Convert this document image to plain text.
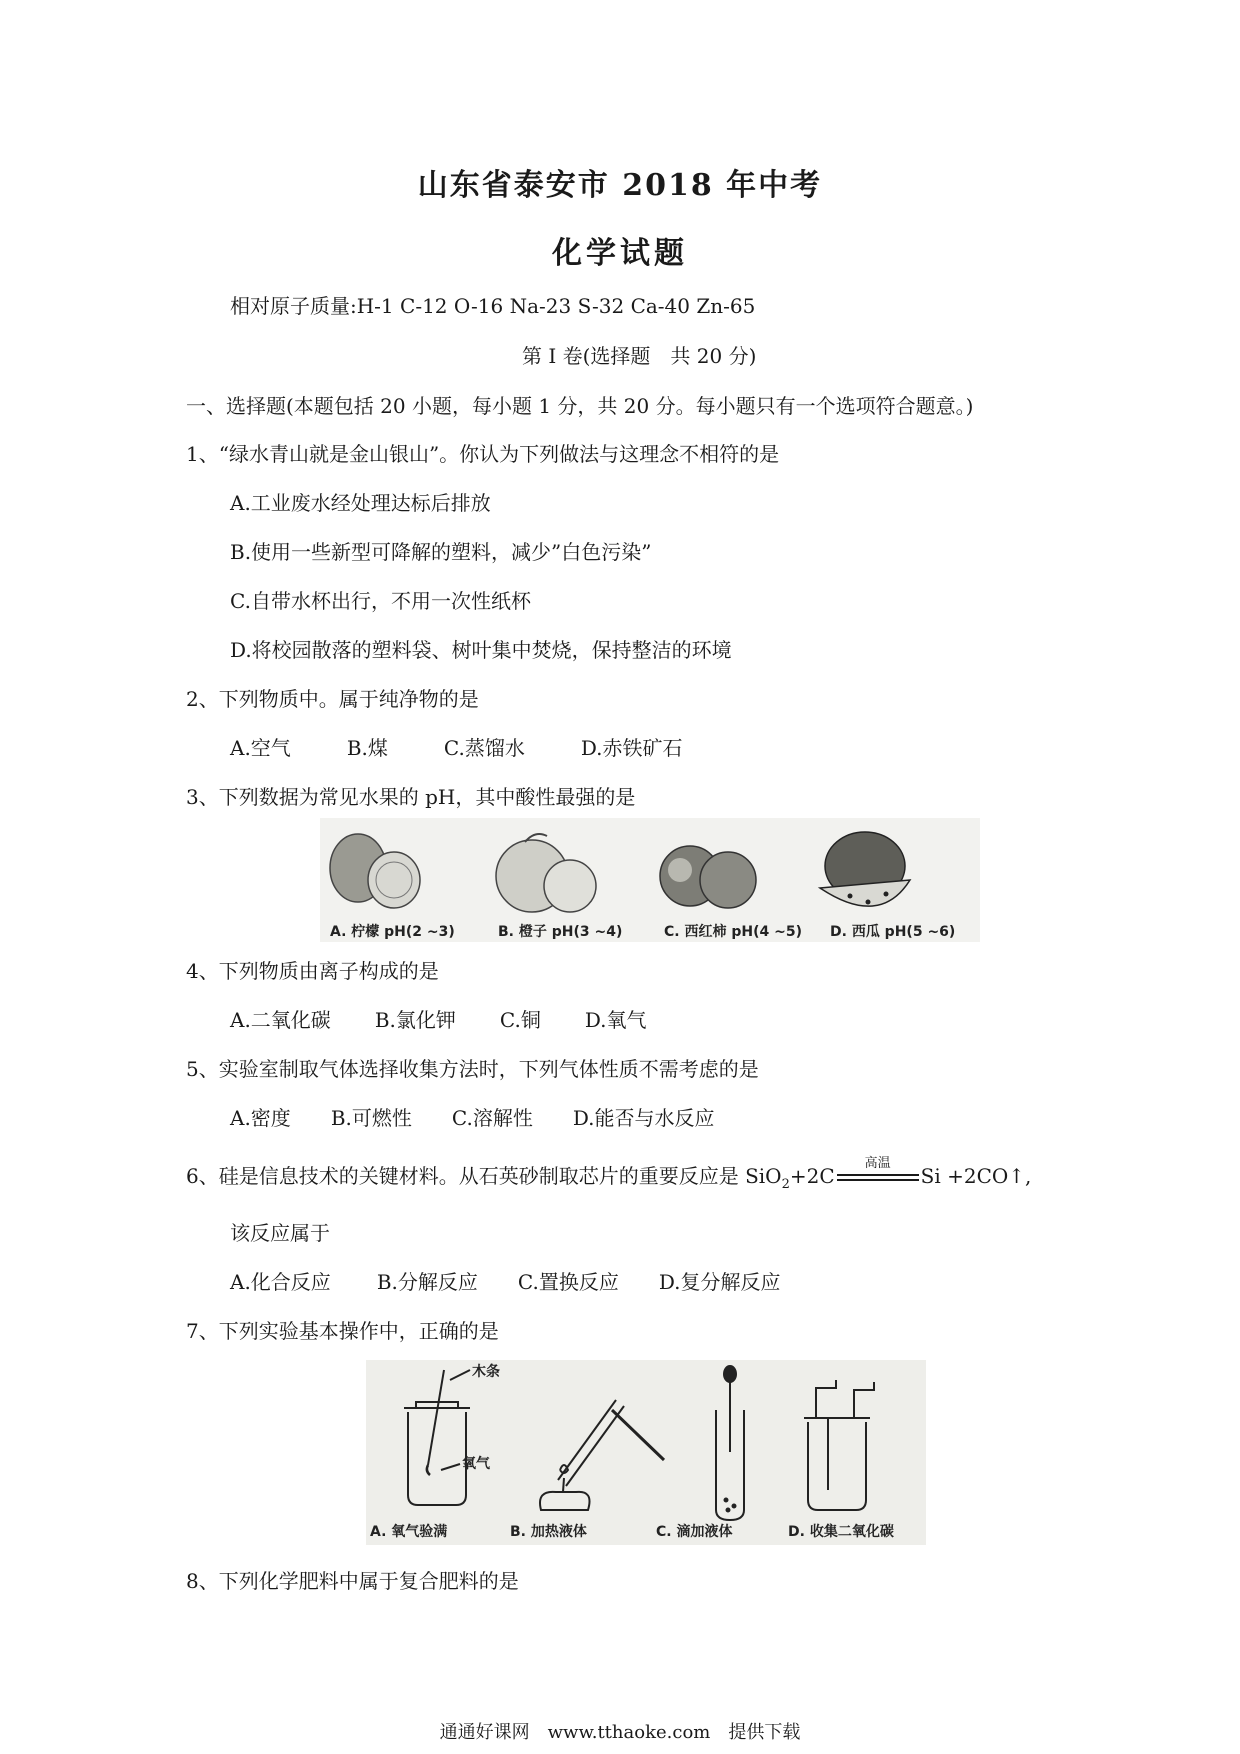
山东省泰安市 2018 年中考
化学试题
相对原子质量:H-1 C-12 O-16 Na-23 S-32 Ca-40 Zn-65
第 I 卷(选择题　共 20 分)
一、选择题(本题包括 20 小题，每小题 1 分，共 20 分。每小题只有一个选项符合题意。)
1、“绿水青山就是金山银山”。你认为下列做法与这理念不相符的是
A.工业废水经处理达标后排放
B.使用一些新型可降解的塑料，减少”白色污染”
C.自带水杯出行，不用一次性纸杯
D.将校园散落的塑料袋、树叶集中焚烧，保持整洁的环境
2、下列物质中。属于纯净物的是
A.空气	B.煤	C.蒸馏水	D.赤铁矿石
3、下列数据为常见水果的 pH，其中酸性最强的是
A. 柠檬 pH(2 ~3)	B. 橙子 pH(3 ~4)	C. 西红柿 pH(4 ~5) D. 西瓜 pH(5 ~6)
4、下列物质由离子构成的是
A.二氧化碳 B.氯化钾 C.铜 D.氧气
5、实验室制取气体选择收集方法时，下列气体性质不需考虑的是
A.密度 B.可燃性 C.溶解性 D.能否与水反应
6、硅是信息技术的关键材料。从石英砂制取芯片的重要反应是 SiO$_2$+2C
高温
Si +2CO↑,
该反应属于
A.化合反应 B.分解反应 C.置换反应 D.复分解反应
7、下列实验基本操作中，正确的是
木条
氧气
A. 氧气验满	B. 加热液体	C. 滴加液体	D. 收集二氧化碳
8、下列化学肥料中属于复合肥料的是
通通好课网　www.tthaoke.com　提供下载
